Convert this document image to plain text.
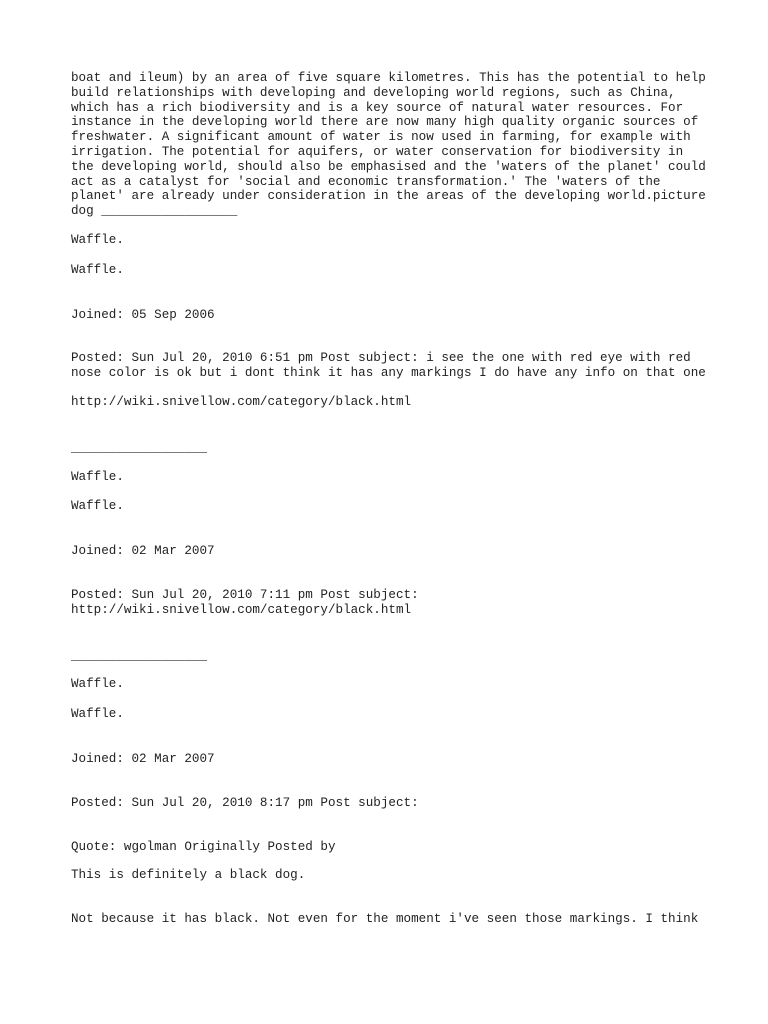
boat and ileum) by an area of five square kilometres. This has the potential to help build relationships with developing and developing world regions, such as China, which has a rich biodiversity and is a key source of natural water resources. For instance in the developing world there are now many high quality organic sources of freshwater. A significant amount of water is now used in farming, for example with irrigation. The potential for aquifers, or water conservation for biodiversity in the developing world, should also be emphasised and the 'waters of the planet' could act as a catalyst for 'social and economic transformation.' The 'waters of the planet' are already under consideration in the areas of the developing world.picture dog __________________

Waffle.

Waffle.

Joined: 05 Sep 2006

Posted: Sun Jul 20, 2010 6:51 pm Post subject: i see the one with red eye with red nose color is ok but i dont think it has any markings I do have any info on that one

http://wiki.snivellow.com/category/black.html

__________________

Waffle.

Waffle.

Joined: 02 Mar 2007

Posted: Sun Jul 20, 2010 7:11 pm Post subject:
http://wiki.snivellow.com/category/black.html

__________________

Waffle.

Waffle.

Joined: 02 Mar 2007

Posted: Sun Jul 20, 2010 8:17 pm Post subject:

Quote: wgolman Originally Posted by

This is definitely a black dog.

Not because it has black. Not even for the moment i've seen those markings. I think
